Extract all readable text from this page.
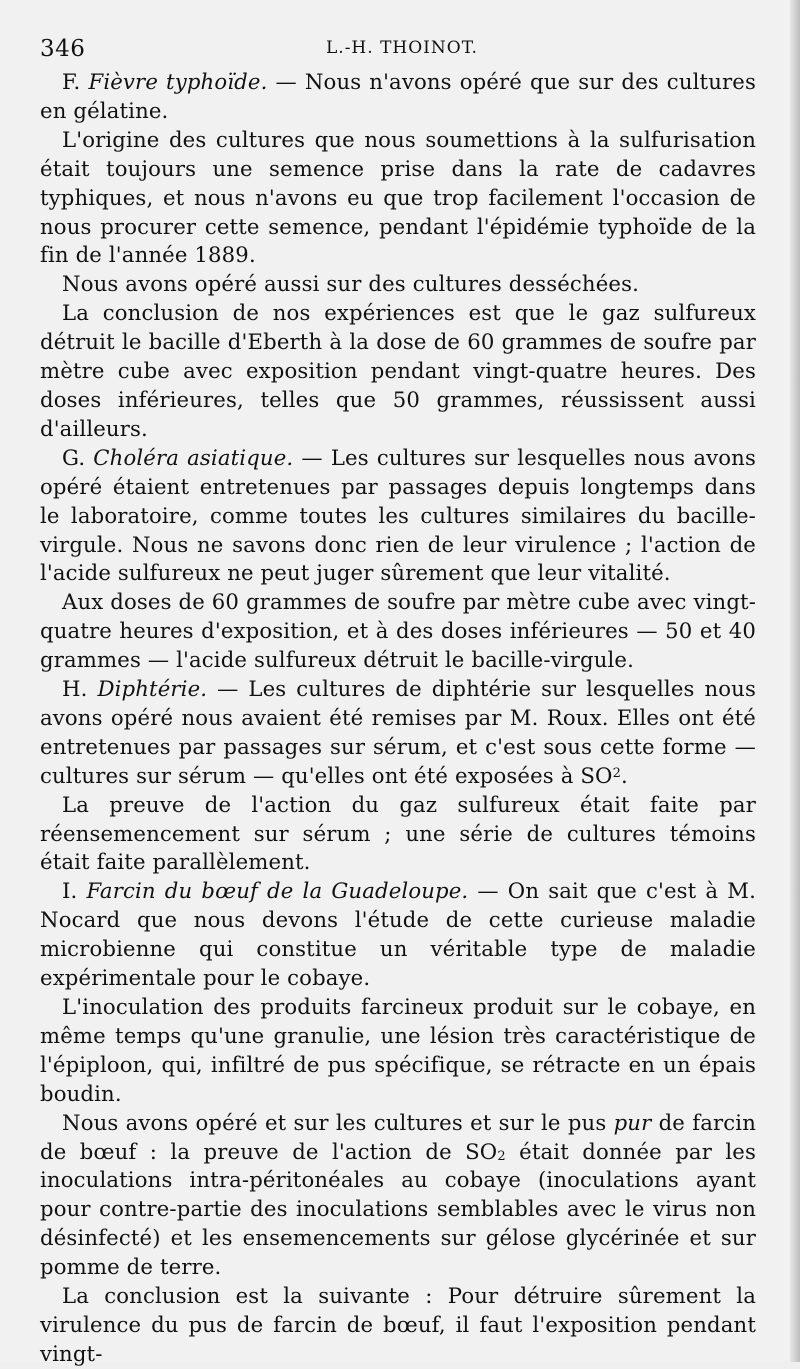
346	L.-H. THOINOT.

F. Fièvre typhoïde. — Nous n'avons opéré que sur des cultures en gélatine.

L'origine des cultures que nous soumettions à la sulfurisation était toujours une semence prise dans la rate de cadavres typhiques, et nous n'avons eu que trop facilement l'occasion de nous procurer cette semence, pendant l'épidémie typhoïde de la fin de l'année 1889.

Nous avons opéré aussi sur des cultures desséchées.

La conclusion de nos expériences est que le gaz sulfureux détruit le bacille d'Eberth à la dose de 60 grammes de soufre par mètre cube avec exposition pendant vingt-quatre heures. Des doses inférieures, telles que 50 grammes, réussissent aussi d'ailleurs.

G. Choléra asiatique. — Les cultures sur lesquelles nous avons opéré étaient entretenues par passages depuis longtemps dans le laboratoire, comme toutes les cultures similaires du bacille-virgule. Nous ne savons donc rien de leur virulence ; l'action de l'acide sulfureux ne peut juger sûrement que leur vitalité.

Aux doses de 60 grammes de soufre par mètre cube avec vingt-quatre heures d'exposition, et à des doses inférieures — 50 et 40 grammes — l'acide sulfureux détruit le bacille-virgule.

H. Diphtérie. — Les cultures de diphtérie sur lesquelles nous avons opéré nous avaient été remises par M. Roux. Elles ont été entretenues par passages sur sérum, et c'est sous cette forme — cultures sur sérum — qu'elles ont été exposées à $SO^2$.

La preuve de l'action du gaz sulfureux était faite par réensemencement sur sérum ; une série de cultures témoins était faite parallèlement.

I. Farcin du bœuf de la Guadeloupe. — On sait que c'est à M. Nocard que nous devons l'étude de cette curieuse maladie microbienne qui constitue un véritable type de maladie expérimentale pour le cobaye.

L'inoculation des produits farcineux produit sur le cobaye, en même temps qu'une granulie, une lésion très caractéristique de l'épiploon, qui, infiltré de pus spécifique, se rétracte en un épais boudin.

Nous avons opéré et sur les cultures et sur le pus pur de farcin de bœuf : la preuve de l'action de $SO_2$ était donnée par les inoculations intra-péritonéales au cobaye (inoculations ayant pour contre-partie des inoculations semblables avec le virus non désinfecté) et les ensemencements sur gélose glycérinée et sur pomme de terre.

La conclusion est la suivante : Pour détruire sûrement la virulence du pus de farcin de bœuf, il faut l'exposition pendant vingt-
